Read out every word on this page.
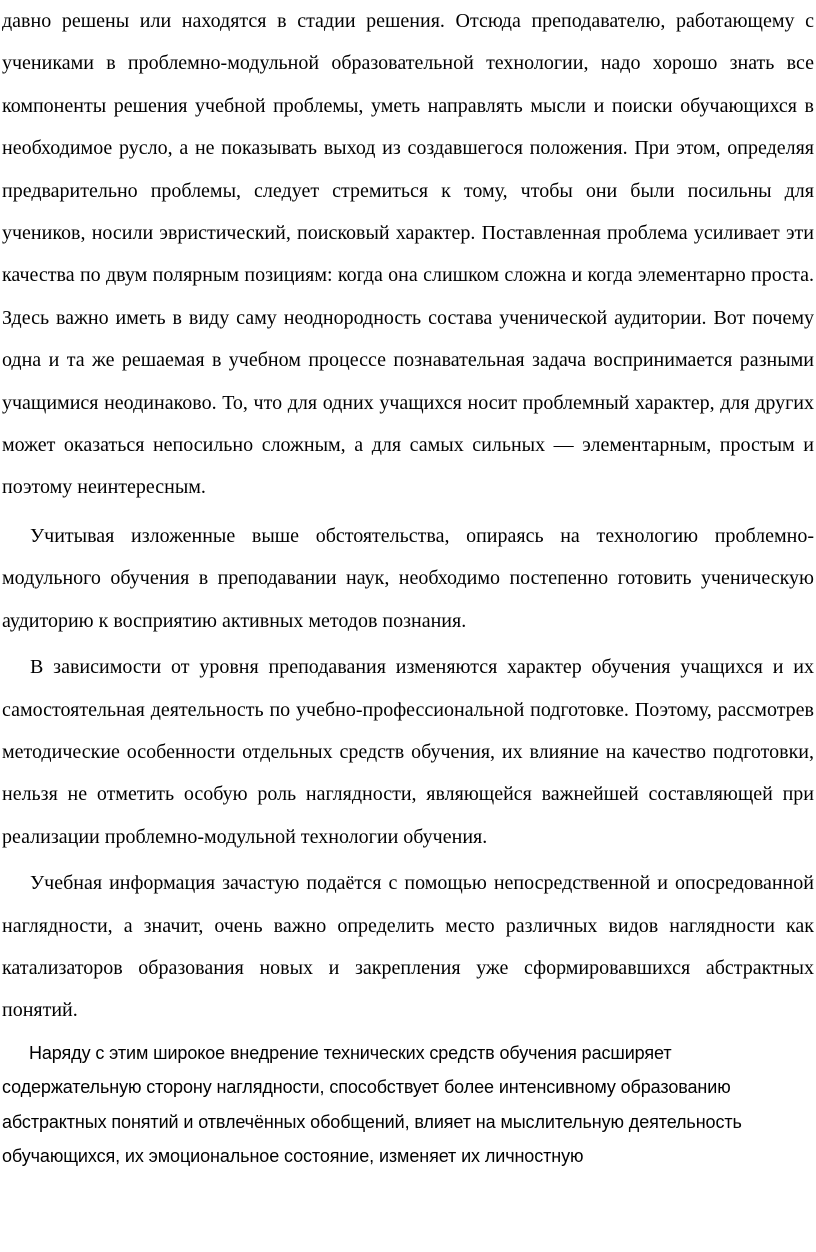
давно решены или находятся в стадии решения. Отсюда преподавателю, работающему с учениками в проблемно-модульной образовательной технологии, надо хорошо знать все компоненты решения учебной проблемы, уметь направлять мысли и поиски обучающихся в необходимое русло, а не показывать выход из создавшегося положения. При этом, определяя предварительно проблемы, следует стремиться к тому, чтобы они были посильны для учеников, носили эвристический, поисковый характер. Поставленная проблема усиливает эти качества по двум полярным позициям: когда она слишком сложна и когда элементарно проста. Здесь важно иметь в виду саму неоднородность состава ученической аудитории. Вот почему одна и та же решаемая в учебном процессе познавательная задача воспринимается разными учащимися неодинаково. То, что для одних учащихся носит проблемный характер, для других может оказаться непосильно сложным, а для самых сильных — элементарным, простым и поэтому неинтересным.

Учитывая изложенные выше обстоятельства, опираясь на технологию проблемно-модульного обучения в преподавании наук, необходимо постепенно готовить ученическую аудиторию к восприятию активных методов познания.

В зависимости от уровня преподавания изменяются характер обучения учащихся и их самостоятельная деятельность по учебно-профессиональной подготовке. Поэтому, рассмотрев методические особенности отдельных средств обучения, их влияние на качество подготовки, нельзя не отметить особую роль наглядности, являющейся важнейшей составляющей при реализации проблемно-модульной технологии обучения.

Учебная информация зачастую подаётся с помощью непосредственной и опосредованной наглядности, а значит, очень важно определить место различных видов наглядности как катализаторов образования новых и закрепления уже сформировавшихся абстрактных понятий.

Наряду с этим широкое внедрение технических средств обучения расширяет содержательную сторону наглядности, способствует более интенсивному образованию абстрактных понятий и отвлечённых обобщений, влияет на мыслительную деятельность обучающихся, их эмоциональное состояние, изменяет их личностную
